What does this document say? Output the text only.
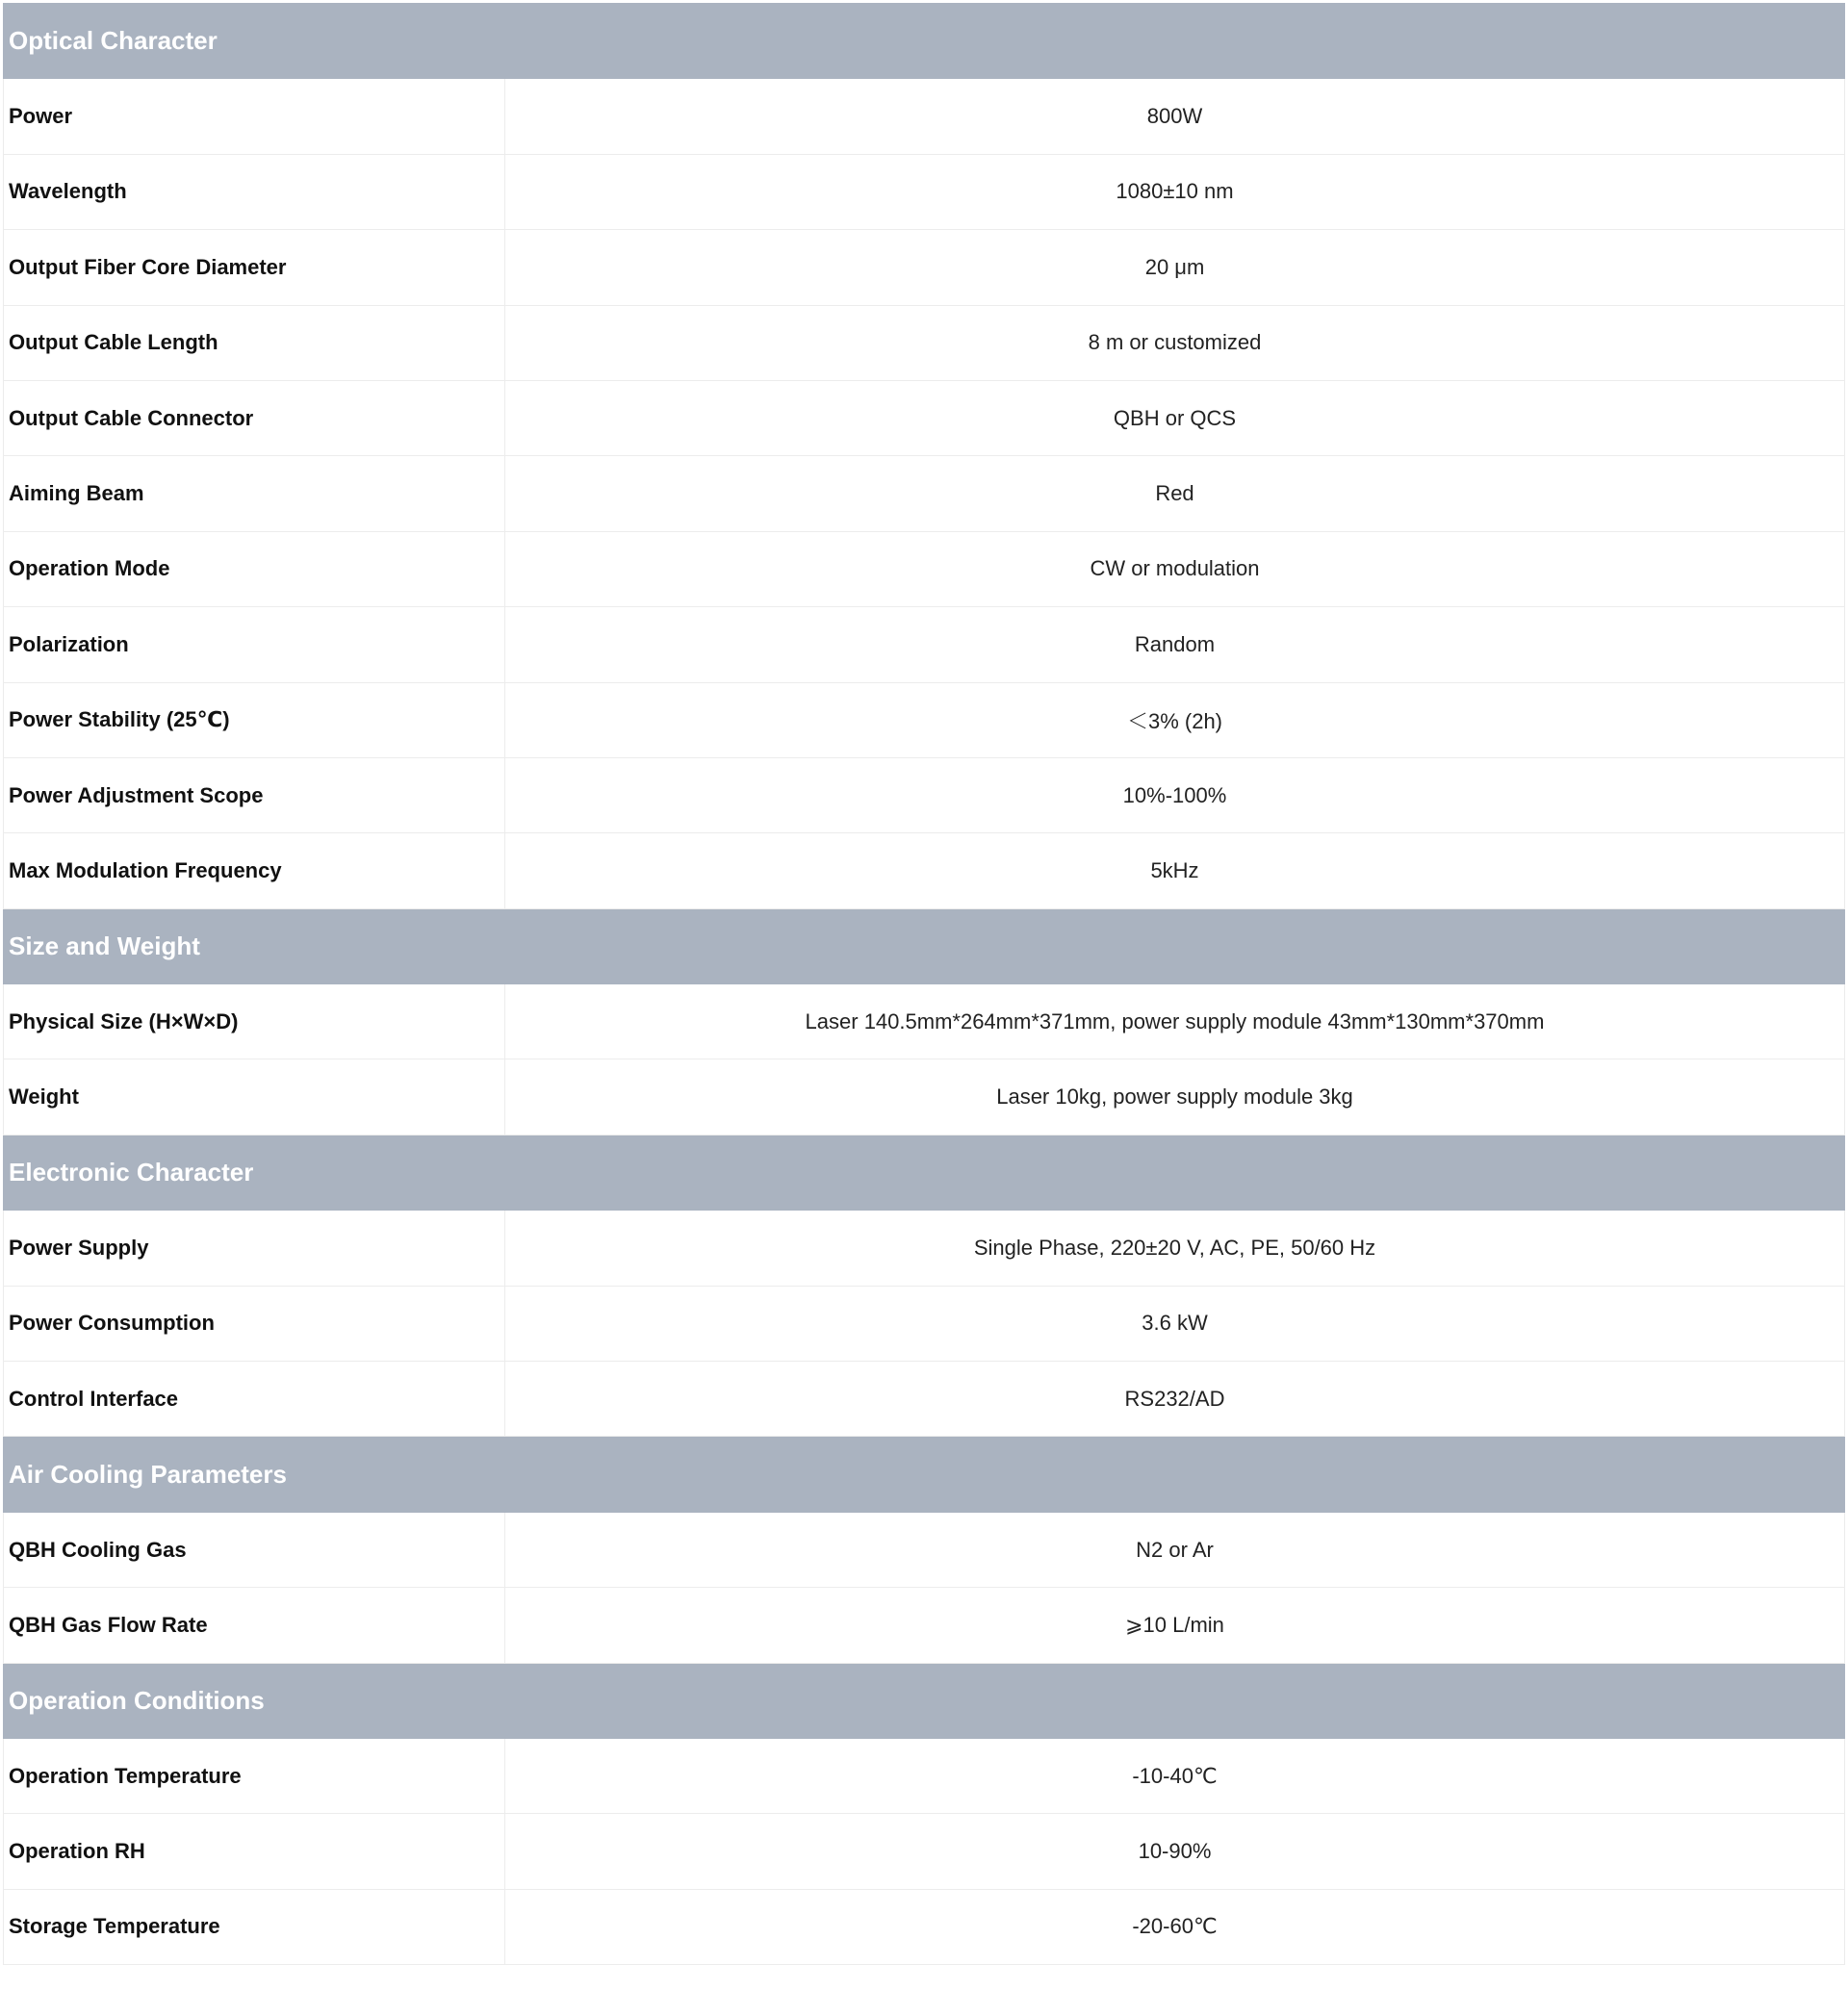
Optical Character	
Power	800W
Wavelength	1080±10 nm
Output Fiber Core Diameter	20 μm
Output Cable Length	8 m or customized
Output Cable Connector	QBH or QCS
Aiming Beam	Red
Operation Mode	CW or modulation
Polarization	Random
Power Stability (25℃)	＜3% (2h)
Power Adjustment Scope	10%-100%
Max Modulation Frequency	5kHz
Size and Weight	
Physical Size (H×W×D)	Laser 140.5mm*264mm*371mm, power supply module 43mm*130mm*370mm
Weight	Laser 10kg, power supply module 3kg
Electronic Character	
Power Supply	Single Phase, 220±20 V, AC, PE, 50/60 Hz
Power Consumption	3.6 kW
Control Interface	RS232/AD
Air Cooling Parameters	
QBH Cooling Gas	N2 or Ar
QBH Gas Flow Rate	⩾10 L/min
Operation Conditions	
Operation Temperature	-10-40℃
Operation RH	10-90%
Storage Temperature	-20-60℃
